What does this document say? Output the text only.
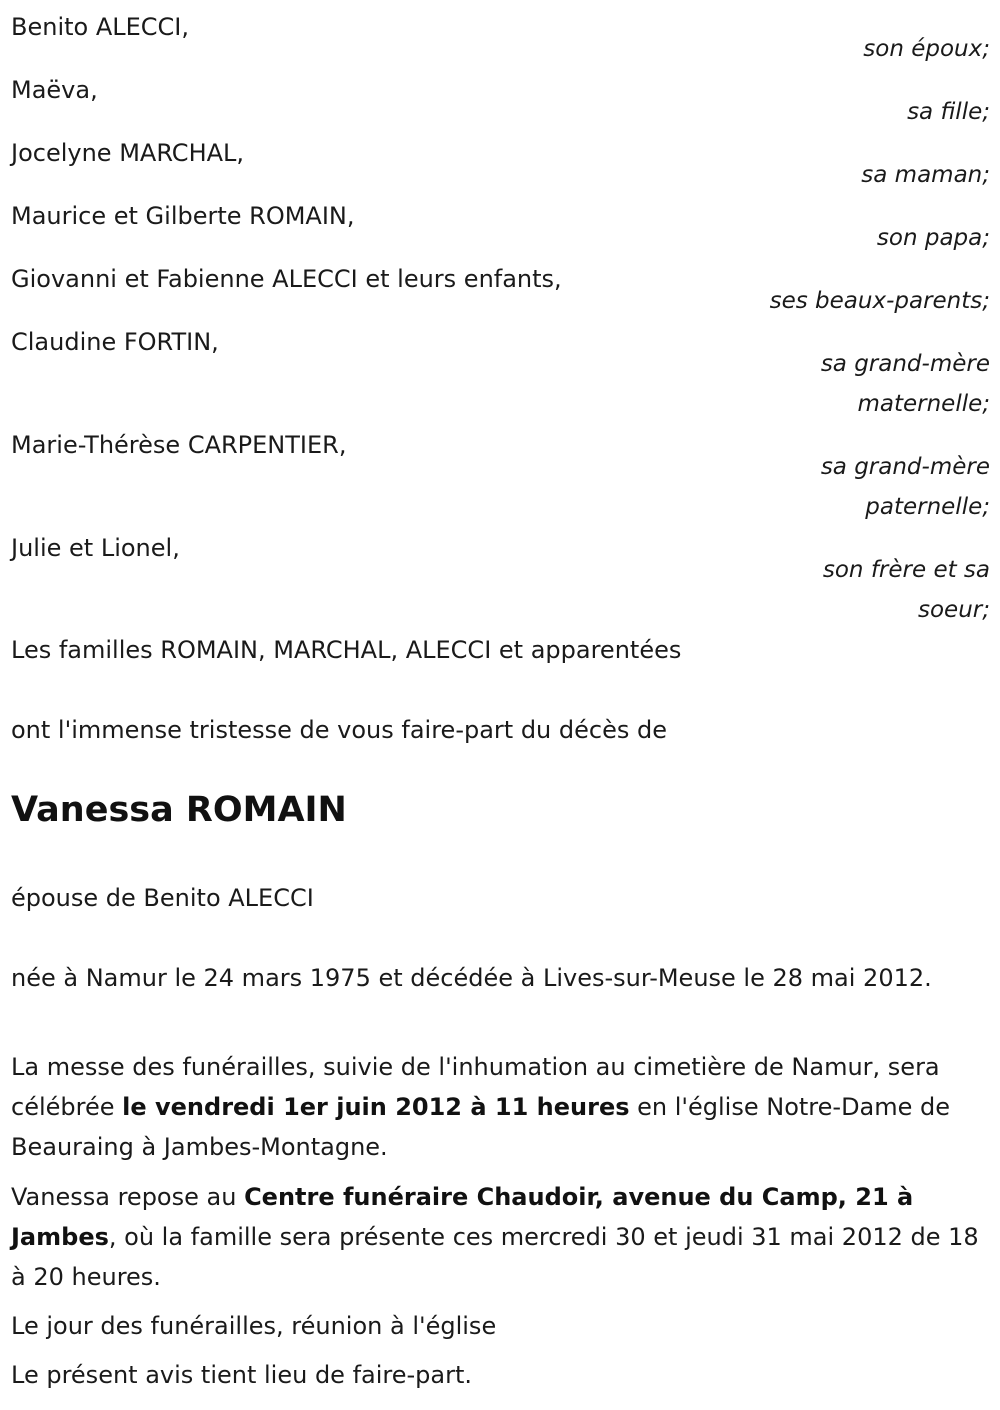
Benito ALECCI,
son époux;
Maëva,
sa fille;
Jocelyne MARCHAL,
sa maman;
Maurice et Gilberte ROMAIN,
son papa;
Giovanni et Fabienne ALECCI et leurs enfants,
ses beaux-parents;
Claudine FORTIN,
sa grand-mère maternelle;
Marie-Thérèse CARPENTIER,
sa grand-mère paternelle;
Julie et Lionel,
son frère et sa soeur;
Les familles ROMAIN, MARCHAL, ALECCI et apparentées
ont l'immense tristesse de vous faire-part du décès de
Vanessa ROMAIN
épouse de Benito ALECCI
née à Namur le 24 mars 1975 et décédée à Lives-sur-Meuse le 28 mai 2012.
La messe des funérailles, suivie de l'inhumation au cimetière de Namur, sera célébrée le vendredi 1er juin 2012 à 11 heures en l'église Notre-Dame de Beauraing à Jambes-Montagne.
Vanessa repose au Centre funéraire Chaudoir, avenue du Camp, 21 à Jambes, où la famille sera présente ces mercredi 30 et jeudi 31 mai 2012 de 18 à 20 heures.
Le jour des funérailles, réunion à l'église
Le présent avis tient lieu de faire-part.
